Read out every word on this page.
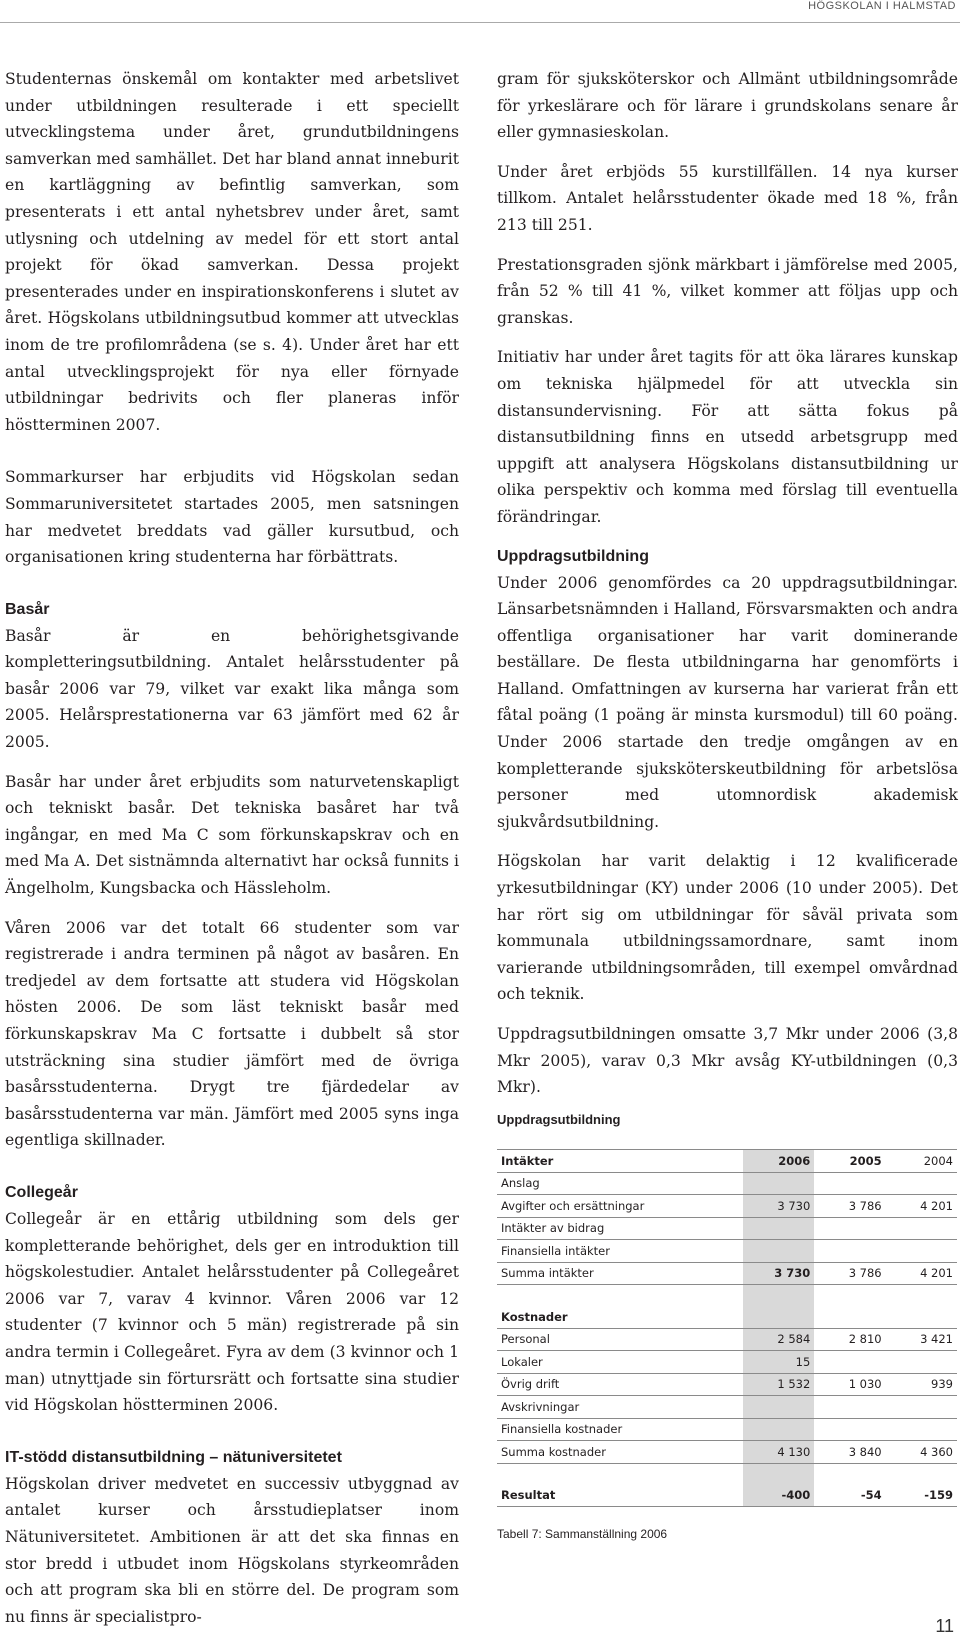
HÖGSKOLAN I HALMSTAD

Studenternas önskemål om kontakter med arbetslivet under utbildningen resulterade i ett speciellt utvecklingstema under året, grundutbildningens samverkan med samhället. Det har bland annat inneburit en kartläggning av befintlig samverkan, som presenterats i ett antal nyhetsbrev under året, samt utlysning och utdelning av medel för ett stort antal projekt för ökad samverkan. Dessa projekt presenterades under en inspirationskonferens i slutet av året. Högskolans utbildningsutbud kommer att utvecklas inom de tre profilområdena (se s. 4). Under året har ett antal utvecklingsprojekt för nya eller förnyade utbildningar bedrivits och fler planeras inför höstterminen 2007.

Sommarkurser har erbjudits vid Högskolan sedan Sommaruniversitetet startades 2005, men satsningen har medvetet breddats vad gäller kursutbud, och organisationen kring studenterna har förbättrats.

Basår

Basår är en behörighetsgivande kompletteringsutbildning. Antalet helårsstudenter på basår 2006 var 79, vilket var exakt lika många som 2005. Helårsprestationerna var 63 jämfört med 62 år 2005.

Basår har under året erbjudits som naturvetenskapligt och tekniskt basår. Det tekniska basåret har två ingångar, en med Ma C som förkunskapskrav och en med Ma A. Det sistnämnda alternativt har också funnits i Ängelholm, Kungsbacka och Hässleholm.

Våren 2006 var det totalt 66 studenter som var registrerade i andra terminen på något av basåren. En tredjedel av dem fortsatte att studera vid Högskolan hösten 2006. De som läst tekniskt basår med förkunskapskrav Ma C fortsatte i dubbelt så stor utsträckning sina studier jämfört med de övriga basårsstudenterna. Drygt tre fjärdedelar av basårsstudenterna var män. Jämfört med 2005 syns inga egentliga skillnader.

Collegeår

Collegeår är en ettårig utbildning som dels ger kompletterande behörighet, dels ger en introduktion till högskolestudier. Antalet helårsstudenter på Collegeåret 2006 var 7, varav 4 kvinnor. Våren 2006 var 12 studenter (7 kvinnor och 5 män) registrerade på sin andra termin i Collegeåret. Fyra av dem (3 kvinnor och 1 man) utnyttjade sin förtursrätt och fortsatte sina studier vid Högskolan höstterminen 2006.

IT-stödd distansutbildning – nätuniversitetet

Högskolan driver medvetet en successiv utbyggnad av antalet kurser och årsstudieplatser inom Nätuniversitetet. Ambitionen är att det ska finnas en stor bredd i utbudet inom Högskolans styrkeområden och att program ska bli en större del. De program som nu finns är specialistpro-

gram för sjuksköterskor och Allmänt utbildningsområde för yrkeslärare och för lärare i grundskolans senare år eller gymnasieskolan.

Under året erbjöds 55 kurstillfällen. 14 nya kurser tillkom. Antalet helårsstudenter ökade med 18 %, från 213 till 251.

Prestationsgraden sjönk märkbart i jämförelse med 2005, från 52 % till 41 %, vilket kommer att följas upp och granskas.

Initiativ har under året tagits för att öka lärares kunskap om tekniska hjälpmedel för att utveckla sin distansundervisning. För att sätta fokus på distansutbildning finns en utsedd arbetsgrupp med uppgift att analysera Högskolans distansutbildning ur olika perspektiv och komma med förslag till eventuella förändringar.

Uppdragsutbildning

Under 2006 genomfördes ca 20 uppdragsutbildningar. Länsarbetsnämnden i Halland, Försvarsmakten och andra offentliga organisationer har varit dominerande beställare. De flesta utbildningarna har genomförts i Halland. Omfattningen av kurserna har varierat från ett fåtal poäng (1 poäng är minsta kursmodul) till 60 poäng. Under 2006 startade den tredje omgången av en kompletterande sjuksköterskeutbildning för arbetslösa personer med utomnordisk akademisk sjukvårdsutbildning.

Högskolan har varit delaktig i 12 kvalificerade yrkesutbildningar (KY) under 2006 (10 under 2005). Det har rört sig om utbildningar för såväl privata som kommunala utbildningssamordnare, samt inom varierande utbildningsområden, till exempel omvårdnad och teknik.

Uppdragsutbildningen omsatte 3,7 Mkr under 2006 (3,8 Mkr 2005), varav 0,3 Mkr avsåg KY-utbildningen (0,3 Mkr).

Uppdragsutbildning
Intäkter	2006	2005	2004
Anslag			
Avgifter och ersättningar	3 730	3 786	4 201
Intäkter av bidrag			
Finansiella intäkter			
Summa intäkter	3 730	3 786	4 201

Kostnader			
Personal	2 584	2 810	3 421
Lokaler	15		
Övrig drift	1 532	1 030	939
Avskrivningar			
Finansiella kostnader			
Summa kostnader	4 130	3 840	4 360

Resultat	-400	-54	-159
Tabell 7: Sammanställning 2006
11
